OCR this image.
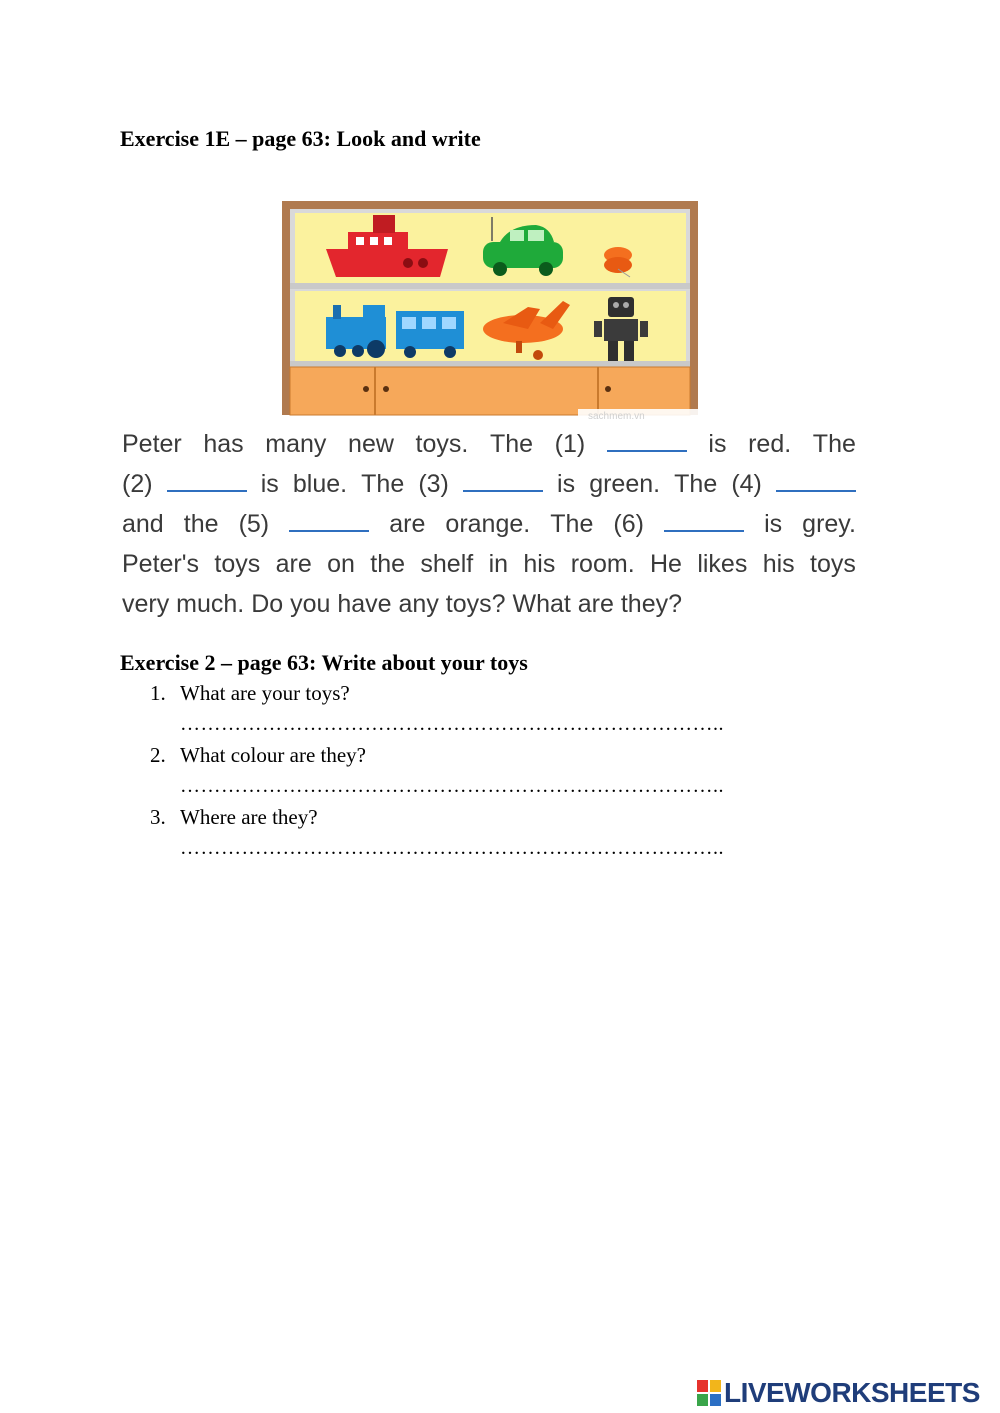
Exercise 1E – page 63: Look and write
sachmem.vn
Peter has many new toys. The (1)	is red. The
(2)	is blue. The (3)	is green. The (4)
and the (5)	are orange. The (6)	is grey.
Peter's toys are on the shelf in his room. He likes his toys
very much. Do you have any toys? What are they?
Exercise 2 – page 63: Write about your toys
1. What are your toys?
……………………………………………………………………..
2. What colour are they?
……………………………………………………………………..
3. Where are they?
……………………………………………………………………..
LIVEWORKSHEETS
